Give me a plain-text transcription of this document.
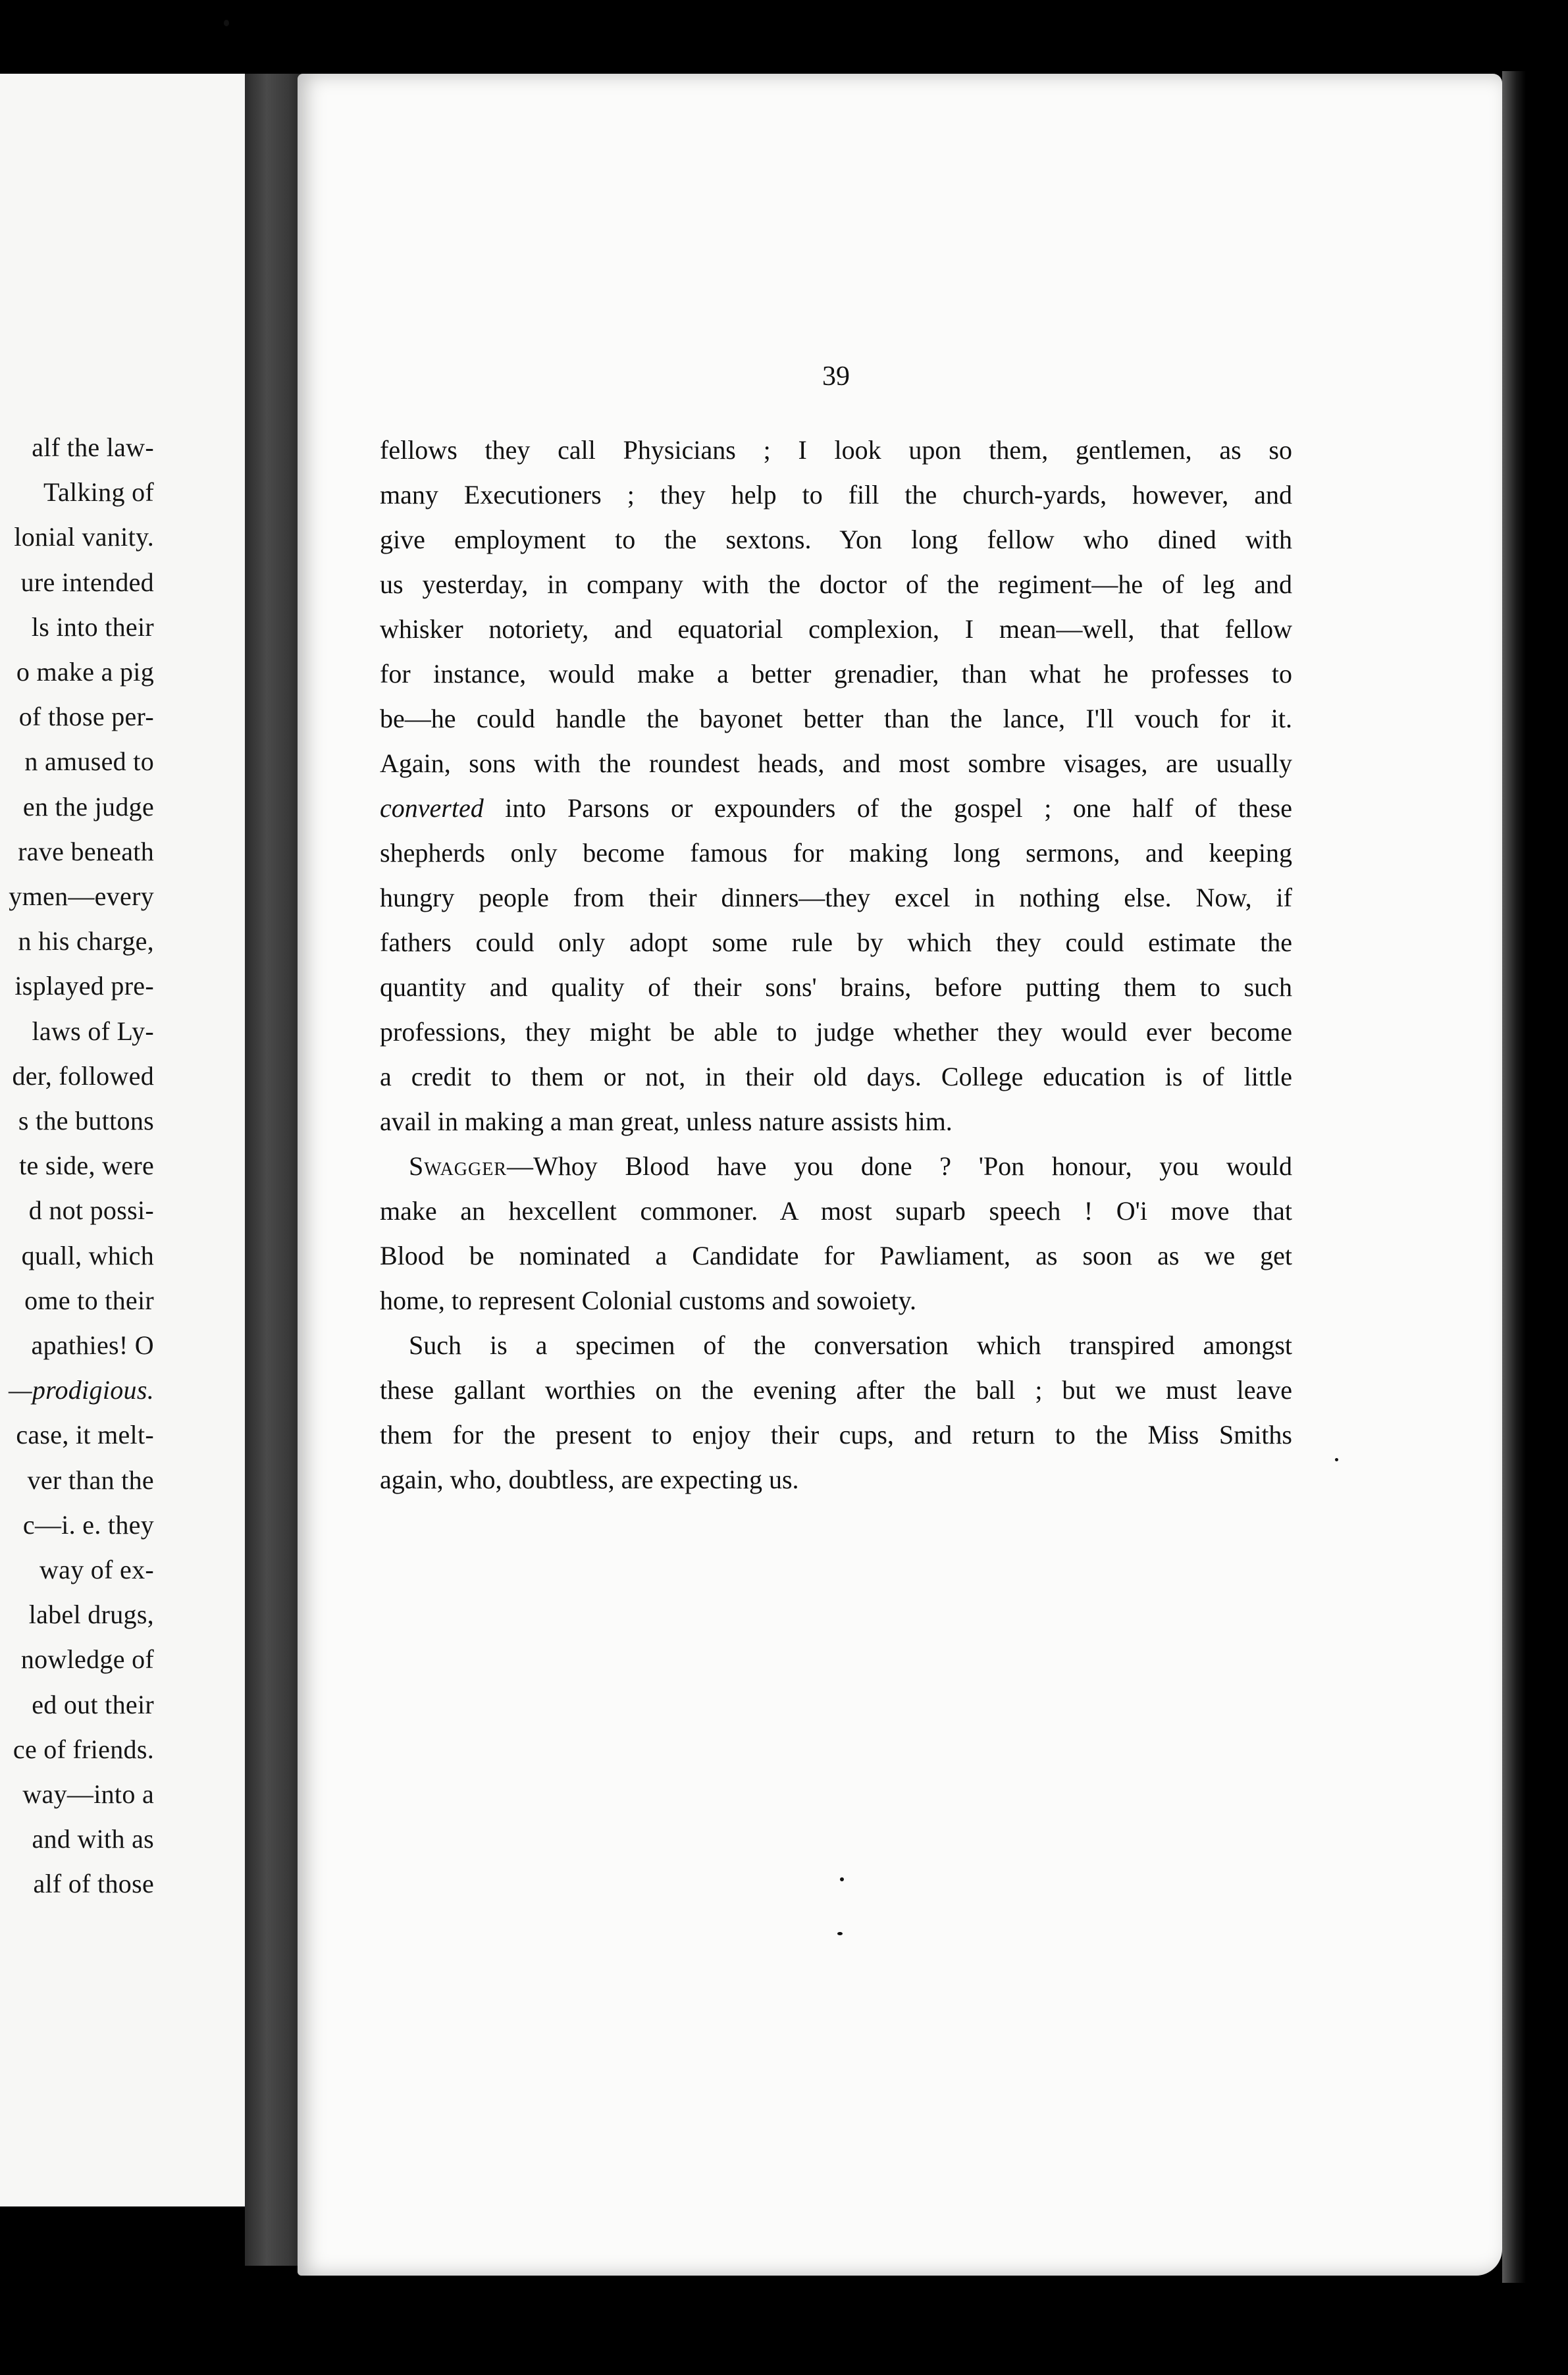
alf the law-
Talking of
lonial vanity.
ure intended
ls into their
o make a pig
of those per-
n amused to
en the judge
rave beneath
ymen—every
n his charge,
isplayed pre-
laws of Ly-
der, followed
s the buttons
te side, were
d not possi-
quall, which
ome to their
apathies! O
—prodigious.
case, it melt-
ver than the
c—i. e. they
way of ex-
label drugs,
nowledge of
ed out their
ce of friends.
way—into a
and with as
alf of those
39
fellows they call Physicians ; I look upon them, gentlemen, as so
many Executioners ; they help to fill the church-yards, however, and
give employment to the sextons. Yon long fellow who dined with
us yesterday, in company with the doctor of the regiment—he of leg and
whisker notoriety, and equatorial complexion, I mean—well, that fellow
for instance, would make a better grenadier, than what he professes to
be—he could handle the bayonet better than the lance, I'll vouch for it.
Again, sons with the roundest heads, and most sombre visages, are usually
converted into Parsons or expounders of the gospel ; one half of these
shepherds only become famous for making long sermons, and keeping
hungry people from their dinners—they excel in nothing else. Now, if
fathers could only adopt some rule by which they could estimate the
quantity and quality of their sons' brains, before putting them to such
professions, they might be able to judge whether they would ever become
a credit to them or not, in their old days. College education is of little
avail in making a man great, unless nature assists him.
Swagger—Whoy Blood have you done ? 'Pon honour, you would
make an hexcellent commoner. A most suparb speech ! O'i move that
Blood be nominated a Candidate for Pawliament, as soon as we get
home, to represent Colonial customs and sowoiety.
Such is a specimen of the conversation which transpired amongst
these gallant worthies on the evening after the ball ; but we must leave
them for the present to enjoy their cups, and return to the Miss Smiths
again, who, doubtless, are expecting us.
